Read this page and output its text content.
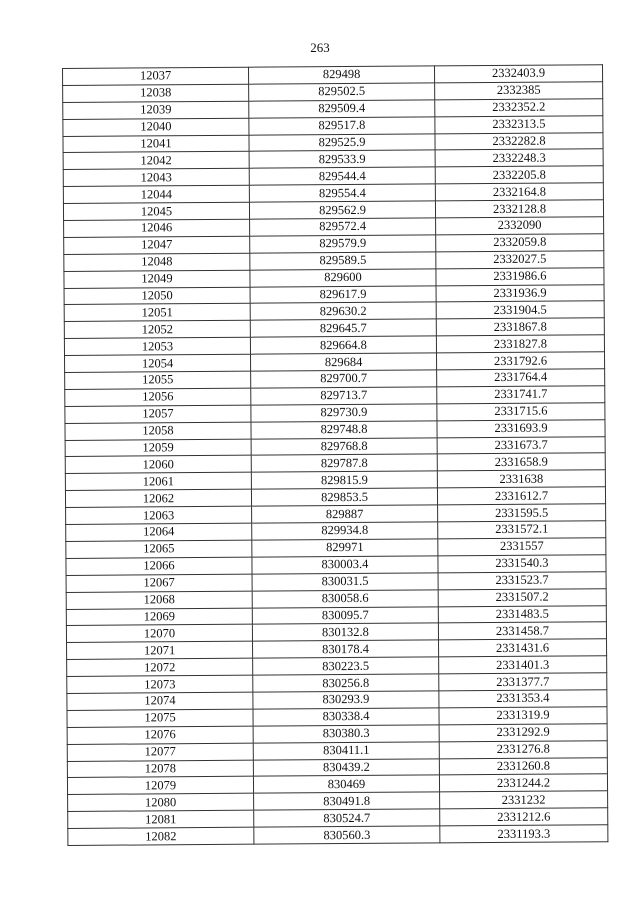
263
12037	829498	2332403.9
12038	829502.5	2332385
12039	829509.4	2332352.2
12040	829517.8	2332313.5
12041	829525.9	2332282.8
12042	829533.9	2332248.3
12043	829544.4	2332205.8
12044	829554.4	2332164.8
12045	829562.9	2332128.8
12046	829572.4	2332090
12047	829579.9	2332059.8
12048	829589.5	2332027.5
12049	829600	2331986.6
12050	829617.9	2331936.9
12051	829630.2	2331904.5
12052	829645.7	2331867.8
12053	829664.8	2331827.8
12054	829684	2331792.6
12055	829700.7	2331764.4
12056	829713.7	2331741.7
12057	829730.9	2331715.6
12058	829748.8	2331693.9
12059	829768.8	2331673.7
12060	829787.8	2331658.9
12061	829815.9	2331638
12062	829853.5	2331612.7
12063	829887	2331595.5
12064	829934.8	2331572.1
12065	829971	2331557
12066	830003.4	2331540.3
12067	830031.5	2331523.7
12068	830058.6	2331507.2
12069	830095.7	2331483.5
12070	830132.8	2331458.7
12071	830178.4	2331431.6
12072	830223.5	2331401.3
12073	830256.8	2331377.7
12074	830293.9	2331353.4
12075	830338.4	2331319.9
12076	830380.3	2331292.9
12077	830411.1	2331276.8
12078	830439.2	2331260.8
12079	830469	2331244.2
12080	830491.8	2331232
12081	830524.7	2331212.6
12082	830560.3	2331193.3
